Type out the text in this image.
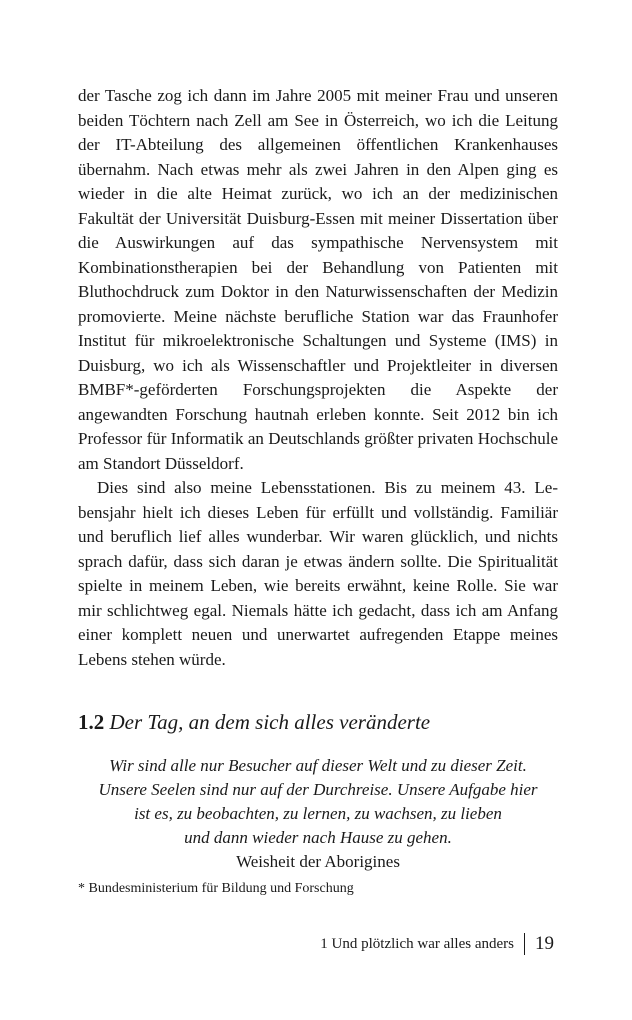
der Tasche zog ich dann im Jahre 2005 mit meiner Frau und unseren beiden Töchtern nach Zell am See in Österreich, wo ich die Leitung der IT-Abteilung des allgemeinen öffentlichen Krankenhauses übernahm. Nach etwas mehr als zwei Jahren in den Alpen ging es wieder in die alte Heimat zurück, wo ich an der medizinischen Fakultät der Universität Duisburg-Essen mit meiner Dissertation über die Auswirkungen auf das sympathische Nervensystem mit Kombinationstherapien bei der Behandlung von Patienten mit Bluthochdruck zum Doktor in den Naturwissenschaften der Medizin promovierte. Meine nächste berufliche Station war das Fraunhofer Institut für mikroelektronische Schaltungen und Systeme (IMS) in Duisburg, wo ich als Wissenschaftler und Projektleiter in diversen BMBF*-geförderten Forschungsprojekten die Aspekte der angewandten Forschung hautnah erleben konnte. Seit 2012 bin ich Professor für Informatik an Deutschlands größter privaten Hochschule am Standort Düsseldorf.

Dies sind also meine Lebensstationen. Bis zu meinem 43. Lebensjahr hielt ich dieses Leben für erfüllt und vollständig. Familiär und beruflich lief alles wunderbar. Wir waren glücklich, und nichts sprach dafür, dass sich daran je etwas ändern sollte. Die Spiritualität spielte in meinem Leben, wie bereits erwähnt, keine Rolle. Sie war mir schlichtweg egal. Niemals hätte ich gedacht, dass ich am Anfang einer komplett neuen und unerwartet aufregenden Etappe meines Lebens stehen würde.

1.2 Der Tag, an dem sich alles veränderte
Wir sind alle nur Besucher auf dieser Welt und zu dieser Zeit.
Unsere Seelen sind nur auf der Durchreise. Unsere Aufgabe hier
ist es, zu beobachten, zu lernen, zu wachsen, zu lieben
und dann wieder nach Hause zu gehen.
Weisheit der Aborigines
* Bundesministerium für Bildung und Forschung
1 Und plötzlich war alles anders 19
